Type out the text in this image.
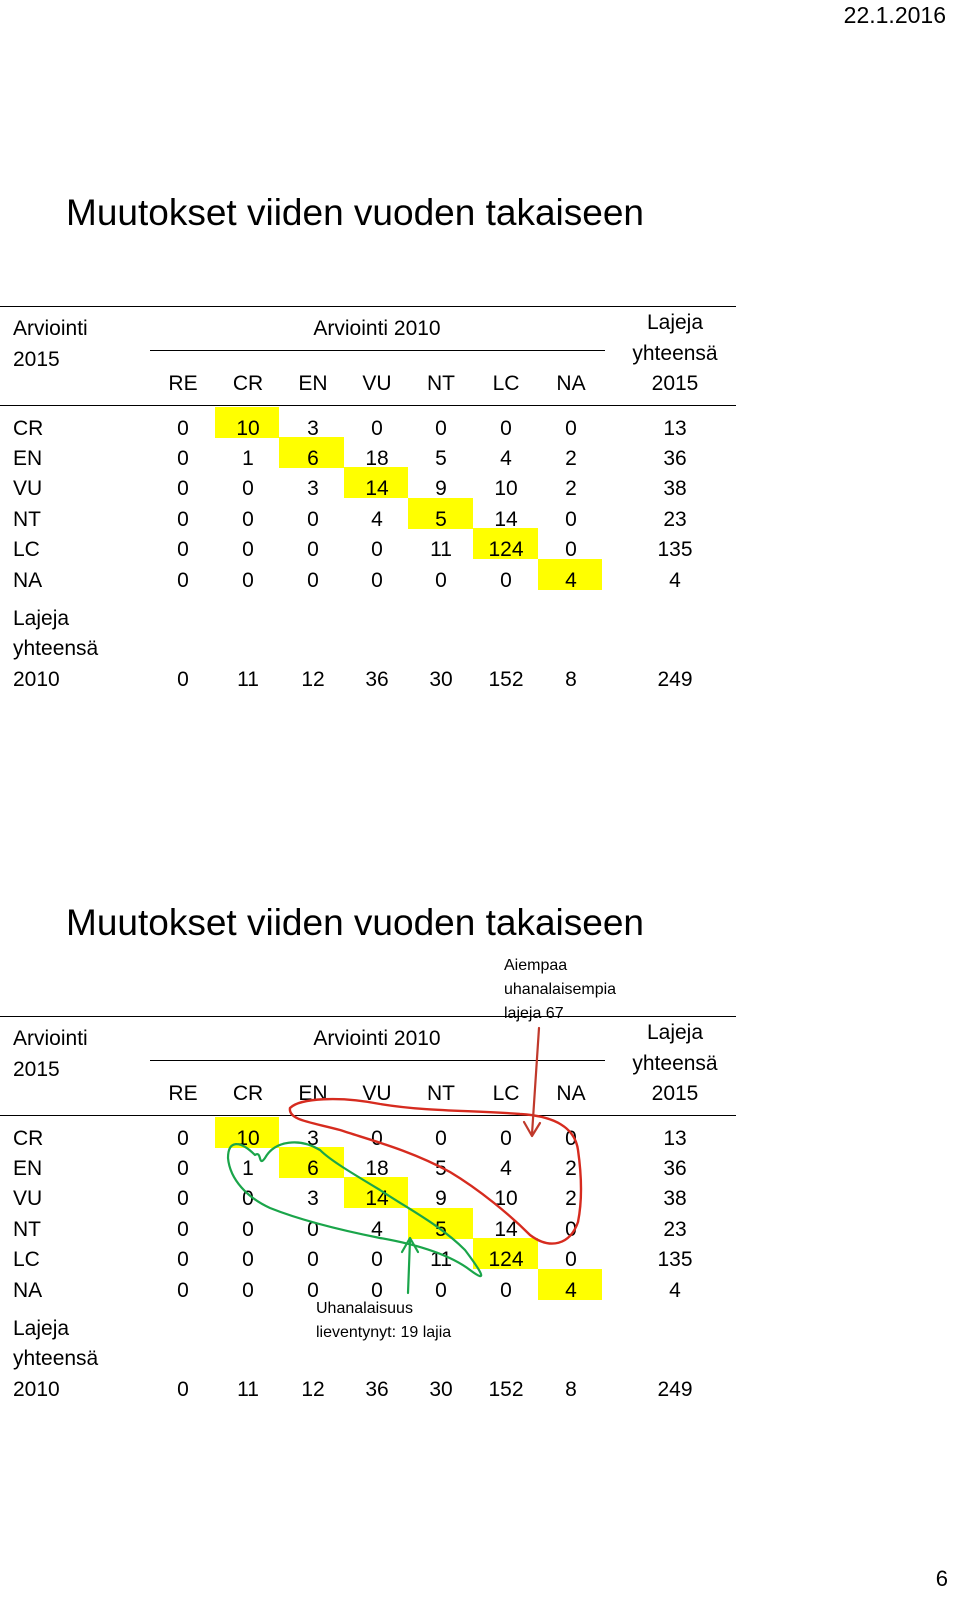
22.1.2016
Muutokset viiden vuoden takaiseen
Arviointi
2015
Arviointi 2010	Lajeja
yhteensä
2015
RE	CR	EN	VU	NT	LC	NA
CR	0	10	3	0	0	0	0	13
EN	0	1	6	18	5	4	2	36
VU	0	0	3	14	9	10	2	38
NT	0	0	0	4	5	14	0	23
LC	0	0	0	0	11	124	0	135
NA	0	0	0	0	0	0	4	4
Lajeja
yhteensä
2010	0	11	12	36	30	152	8	249
Muutokset viiden vuoden takaiseen
Arviointi
2015
Arviointi 2010	Lajeja
yhteensä
2015
RE	CR	EN	VU	NT	LC	NA
CR	0	10	3	0	0	0	0	13
EN	0	1	6	18	5	4	2	36
VU	0	0	3	14	9	10	2	38
NT	0	0	0	4	5	14	0	23
LC	0	0	0	0	11	124	0	135
NA	0	0	0	0	0	0	4	4
Lajeja
yhteensä
2010	0	11	12	36	30	152	8	249
Aiempaa
uhanalaisempia
lajeja 67
Uhanalaisuus
lieventynyt: 19 lajia
6
